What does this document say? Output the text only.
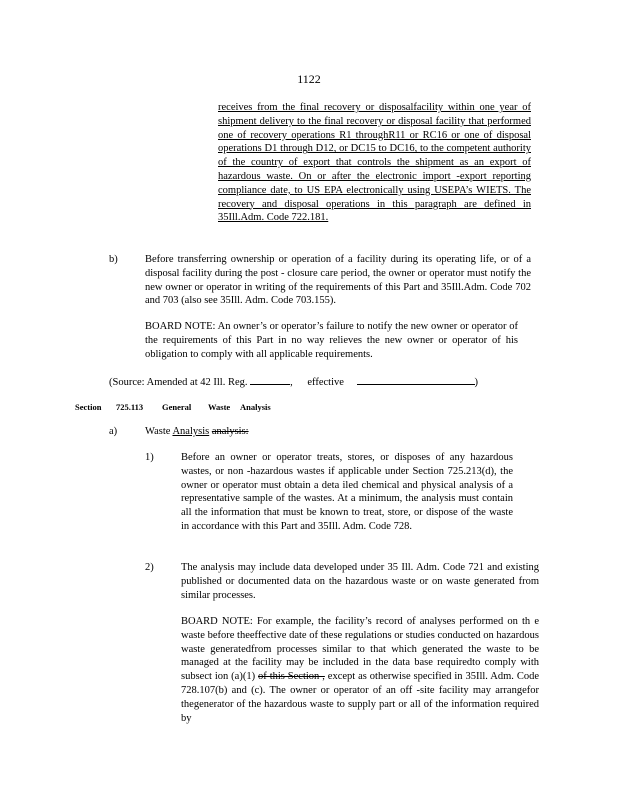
1122
receives from the final recovery or disposalfacility within one year of shipment delivery to the final recovery or disposal facility that performed one of recovery operations R1 throughR11 or RC16 or one of disposal operations D1 through D12, or DC15 to DC16, to the competent authority of the country of export that controls the shipment as an export of hazardous waste. On or after the electronic import -export reporting compliance date, to US EPA electronically using USEPA’s WIETS. The recovery and disposal operations in this paragraph are defined in 35Ill.Adm. Code 722.181.
b)	Before transferring ownership or operation of a facility during its operating life, or of a disposal facility during the post - closure care period, the owner or operator must notify the new owner or operator in writing of the requirements of this Part and 35Ill.Adm. Code 702 and 703 (also see 35Ill. Adm. Code 703.155).
BOARD NOTE: An owner’s or operator’s failure to notify the new owner or operator of the requirements of this Part in no way relieves the new owner or operator of his obligation to comply with all applicable requirements.
(Source: Amended at 42 Ill. Reg.	, effective	)
Section 725.113 General Waste Analysis
a)	Waste Analysis analysis:
1)	Before an owner or operator treats, stores, or disposes of any hazardous wastes, or non -hazardous wastes if applicable under Section 725.213(d), the owner or operator must obtain a deta iled chemical and physical analysis of a representative sample of the wastes. At a minimum, the analysis must contain all the information that must be known to treat, store, or dispose of the waste in accordance with this Part and 35Ill. Adm. Code 728.
2)	The analysis may include data developed under 35 Ill. Adm. Code 721 and existing published or documented data on the hazardous waste or on waste generated from similar processes.
BOARD NOTE: For example, the facility’s record of analyses performed on th e waste before theeffective date of these regulations or studies conducted on hazardous waste generatedfrom processes similar to that which generated the waste to be managed at the facility may be included in the data base requiredto comply with subsect ion (a)(1) of this Section , except as otherwise specified in 35Ill. Adm. Code 728.107(b) and (c). The owner or operator of an off -site facility may arrangefor thegenerator of the hazardous waste to supply part or all of the information required by
